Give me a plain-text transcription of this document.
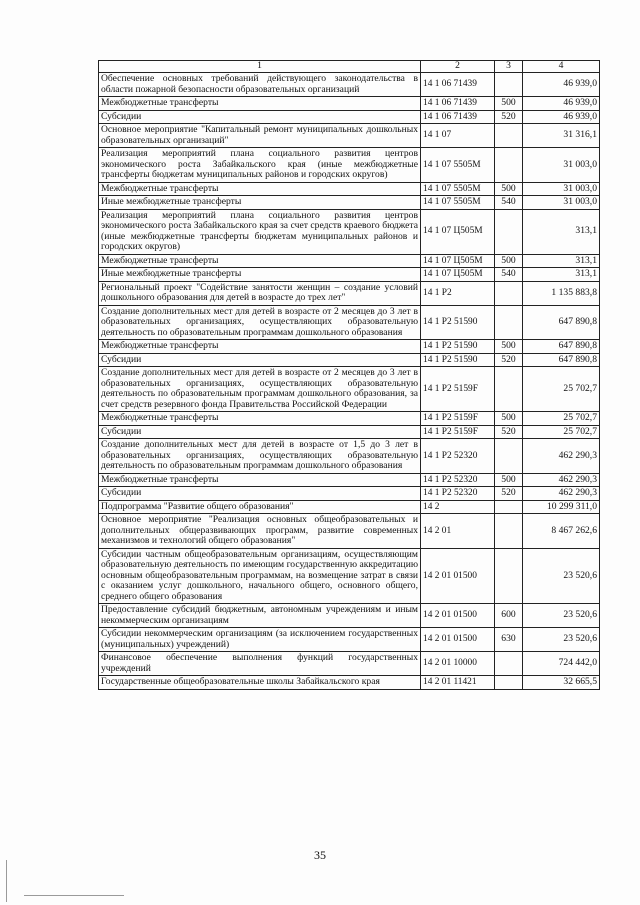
1	2	3	4
Обеспечение основных требований действующего законодательства в области пожарной безопасности образовательных организаций	14 1 06 71439		46 939,0
Межбюджетные трансферты	14 1 06 71439	500	46 939,0
Субсидии	14 1 06 71439	520	46 939,0
Основное мероприятие "Капитальный ремонт муниципальных дошкольных образовательных организаций"	14 1 07		31 316,1
Реализация мероприятий плана социального развития центров экономического роста Забайкальского края (иные межбюджетные трансферты бюджетам муниципальных районов и городских округов)	14 1 07 5505M		31 003,0
Межбюджетные трансферты	14 1 07 5505M	500	31 003,0
Иные межбюджетные трансферты	14 1 07 5505M	540	31 003,0
Реализация мероприятий плана социального развития центров экономического роста Забайкальского края за счет средств краевого бюджета (иные межбюджетные трансферты бюджетам муниципальных районов и городских округов)	14 1 07 Ц505M		313,1
Межбюджетные трансферты	14 1 07 Ц505M	500	313,1
Иные межбюджетные трансферты	14 1 07 Ц505M	540	313,1
Региональный проект "Содействие занятости женщин – создание условий дошкольного образования для детей в возрасте до трех лет"	14 1 P2		1 135 883,8
Создание дополнительных мест для детей в возрасте от 2 месяцев до 3 лет в образовательных организациях, осуществляющих образовательную деятельность по образовательным программам дошкольного образования	14 1 P2 51590		647 890,8
Межбюджетные трансферты	14 1 P2 51590	500	647 890,8
Субсидии	14 1 P2 51590	520	647 890,8
Создание дополнительных мест для детей в возрасте от 2 месяцев до 3 лет в образовательных организациях, осуществляющих образовательную деятельность по образовательным программам дошкольного образования, за счет средств резервного фонда Правительства Российской Федерации	14 1 P2 5159F		25 702,7
Межбюджетные трансферты	14 1 P2 5159F	500	25 702,7
Субсидии	14 1 P2 5159F	520	25 702,7
Создание дополнительных мест для детей в возрасте от 1,5 до 3 лет в образовательных организациях, осуществляющих образовательную деятельность по образовательным программам дошкольного образования	14 1 P2 52320		462 290,3
Межбюджетные трансферты	14 1 P2 52320	500	462 290,3
Субсидии	14 1 P2 52320	520	462 290,3
Подпрограмма "Развитие общего образования"	14 2		10 299 311,0
Основное мероприятие "Реализация основных общеобразовательных и дополнительных общеразвивающих программ, развитие современных механизмов и технологий общего образования"	14 2 01		8 467 262,6
Субсидии частным общеобразовательным организациям, осуществляющим образовательную деятельность по имеющим государственную аккредитацию основным общеобразовательным программам, на возмещение затрат в связи с оказанием услуг дошкольного, начального общего, основного общего, среднего общего образования	14 2 01 01500		23 520,6
Предоставление субсидий бюджетным, автономным учреждениям и иным некоммерческим организациям	14 2 01 01500	600	23 520,6
Субсидии некоммерческим организациям (за исключением государственных (муниципальных) учреждений)	14 2 01 01500	630	23 520,6
Финансовое обеспечение выполнения функций государственных учреждений	14 2 01 10000		724 442,0
Государственные общеобразовательные школы Забайкальского края	14 2 01 11421		32 665,5
35
